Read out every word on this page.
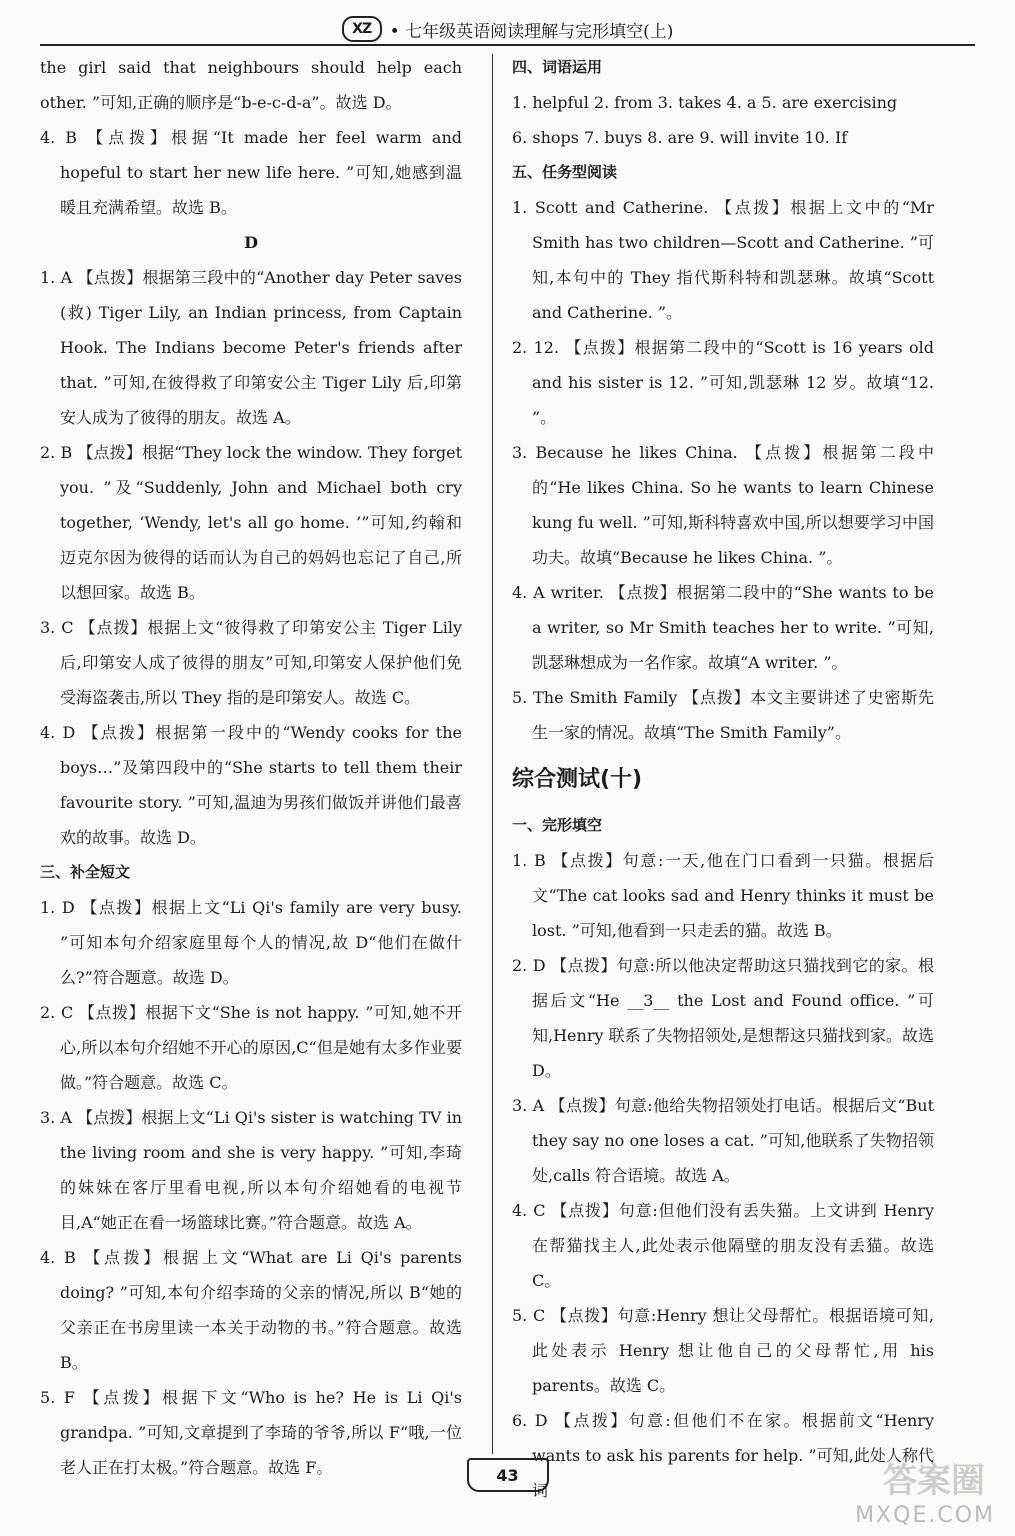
XZ	• 七年级英语阅读理解与完形填空(上)
the girl said that neighbours should help each other. ”可知,正确的顺序是“b-e-c-d-a”。故选 D。
4. B 【点拨】根据“It made her feel warm and hopeful to start her new life here. ”可知,她感到温暖且充满希望。故选 B。
D
1. A 【点拨】根据第三段中的“Another day Peter saves (救) Tiger Lily, an Indian princess, from Captain Hook. The Indians become Peter's friends after that. ”可知,在彼得救了印第安公主 Tiger Lily 后,印第安人成为了彼得的朋友。故选 A。
2. B 【点拨】根据“They lock the window. They forget you. ”及“Suddenly, John and Michael both cry together, ‘Wendy, let's all go home. ’”可知,约翰和迈克尔因为彼得的话而认为自己的妈妈也忘记了自己,所以想回家。故选 B。
3. C 【点拨】根据上文“彼得救了印第安公主 Tiger Lily 后,印第安人成了彼得的朋友”可知,印第安人保护他们免受海盗袭击,所以 They 指的是印第安人。故选 C。
4. D 【点拨】根据第一段中的“Wendy cooks for the boys…”及第四段中的“She starts to tell them their favourite story. ”可知,温迪为男孩们做饭并讲他们最喜欢的故事。故选 D。
三、补全短文
1. D 【点拨】根据上文“Li Qi's family are very busy. ”可知本句介绍家庭里每个人的情况,故 D“他们在做什么?”符合题意。故选 D。
2. C 【点拨】根据下文“She is not happy. ”可知,她不开心,所以本句介绍她不开心的原因,C“但是她有太多作业要做。”符合题意。故选 C。
3. A 【点拨】根据上文“Li Qi's sister is watching TV in the living room and she is very happy. ”可知,李琦的妹妹在客厅里看电视,所以本句介绍她看的电视节目,A“她正在看一场篮球比赛。”符合题意。故选 A。
4. B 【点拨】根据上文“What are Li Qi's parents doing? ”可知,本句介绍李琦的父亲的情况,所以 B“她的父亲正在书房里读一本关于动物的书。”符合题意。故选 B。
5. F 【点拨】根据下文“Who is he? He is Li Qi's grandpa. ”可知,文章提到了李琦的爷爷,所以 F“哦,一位老人正在打太极。”符合题意。故选 F。
四、词语运用
1. helpful 2. from 3. takes 4. a 5. are exercising
6. shops 7. buys 8. are 9. will invite 10. If
五、任务型阅读
1. Scott and Catherine. 【点拨】根据上文中的“Mr Smith has two children—Scott and Catherine. ”可知,本句中的 They 指代斯科特和凯瑟琳。故填“Scott and Catherine. ”。
2. 12. 【点拨】根据第二段中的“Scott is 16 years old and his sister is 12. ”可知,凯瑟琳 12 岁。故填“12. ”。
3. Because he likes China. 【点拨】根据第二段中的“He likes China. So he wants to learn Chinese kung fu well. ”可知,斯科特喜欢中国,所以想要学习中国功夫。故填“Because he likes China. ”。
4. A writer. 【点拨】根据第二段中的“She wants to be a writer, so Mr Smith teaches her to write. ”可知,凯瑟琳想成为一名作家。故填“A writer. ”。
5. The Smith Family 【点拨】本文主要讲述了史密斯先生一家的情况。故填“The Smith Family”。
综合测试(十)
一、完形填空
1. B 【点拨】句意:一天,他在门口看到一只猫。根据后文“The cat looks sad and Henry thinks it must be lost. ”可知,他看到一只走丢的猫。故选 B。
2. D 【点拨】句意:所以他决定帮助这只猫找到它的家。根据后文“He __3__ the Lost and Found office. ”可知,Henry 联系了失物招领处,是想帮这只猫找到家。故选 D。
3. A 【点拨】句意:他给失物招领处打电话。根据后文“But they say no one loses a cat. ”可知,他联系了失物招领处,calls 符合语境。故选 A。
4. C 【点拨】句意:但他们没有丢失猫。上文讲到 Henry 在帮猫找主人,此处表示他隔壁的朋友没有丢猫。故选 C。
5. C 【点拨】句意:Henry 想让父母帮忙。根据语境可知,此处表示 Henry 想让他自己的父母帮忙,用 his parents。故选 C。
6. D 【点拨】句意:但他们不在家。根据前文“Henry wants to ask his parents for help. ”可知,此处人称代词
43	答案圈
MXQE.COM
